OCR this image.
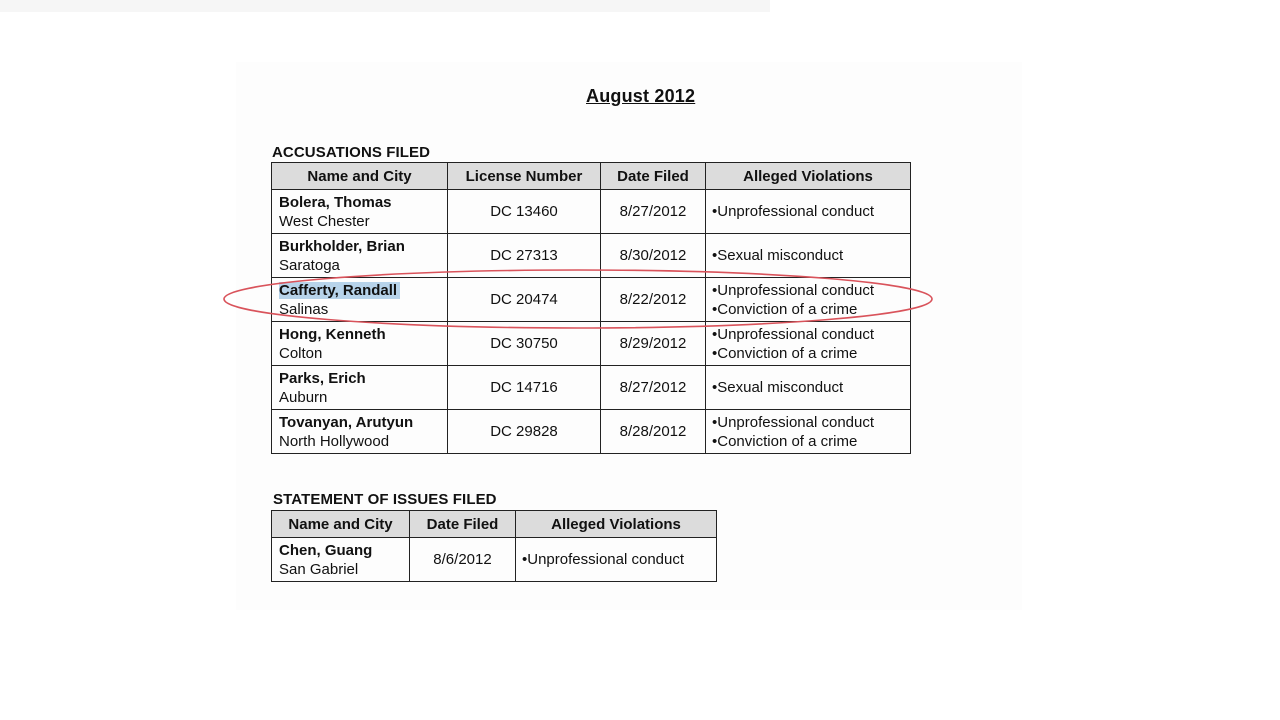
August 2012
ACCUSATIONS FILED
Name and City	License Number	Date Filed	Alleged Violations

Bolera, Thomas
West Chester	DC 13460	8/27/2012	•Unprofessional conduct

Burkholder, Brian
Saratoga	DC 27313	8/30/2012	•Sexual misconduct

Cafferty, Randall
Salinas	DC 20474	8/22/2012	•Unprofessional conduct
•Conviction of a crime

Hong, Kenneth
Colton	DC 30750	8/29/2012	•Unprofessional conduct
•Conviction of a crime

Parks, Erich
Auburn	DC 14716	8/27/2012	•Sexual misconduct

Tovanyan, Arutyun
North Hollywood	DC 29828	8/28/2012	•Unprofessional conduct
•Conviction of a crime
STATEMENT OF ISSUES FILED
Name and City	Date Filed	Alleged Violations

Chen, Guang
San Gabriel	8/6/2012	•Unprofessional conduct
